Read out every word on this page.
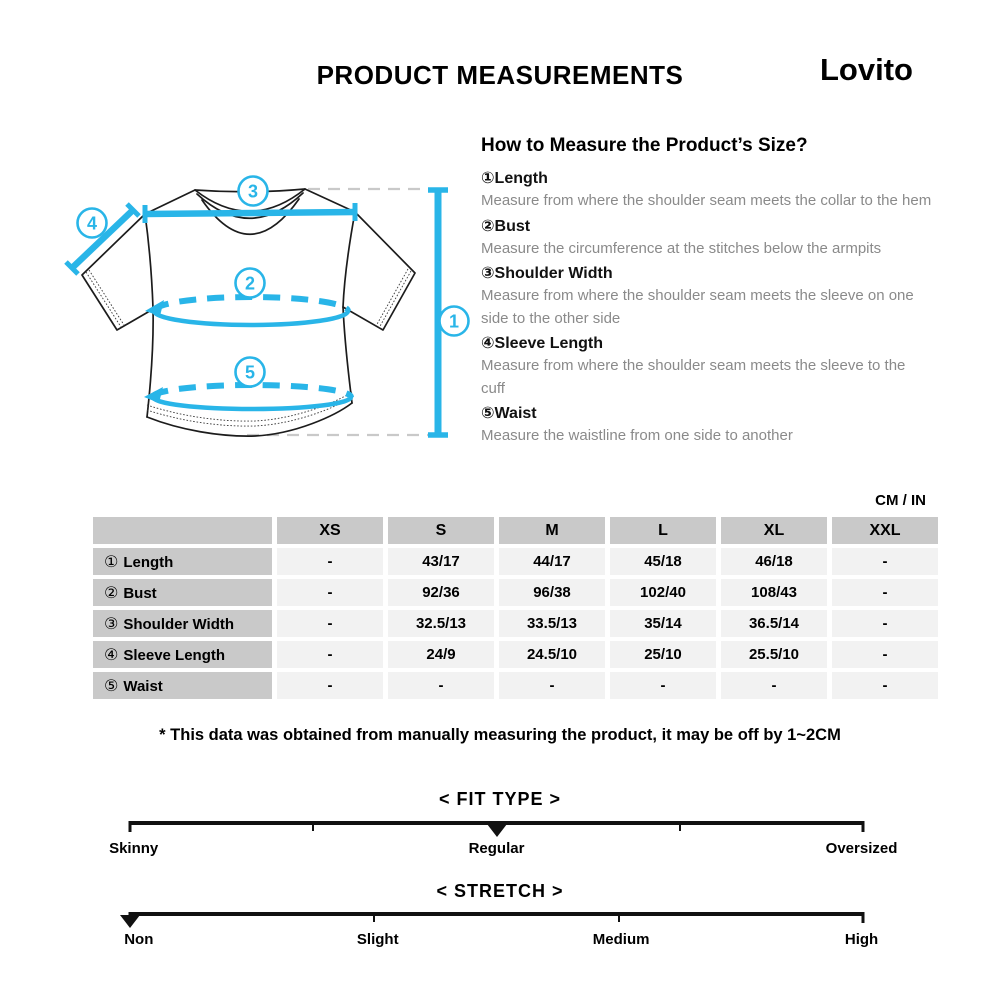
PRODUCT MEASUREMENTS	Lovito
3
4
2
5
1
How to Measure the Product’s Size?
①Length
Measure from where the shoulder seam meets the collar to the hem
②Bust
Measure the circumference at the stitches below the armpits
③Shoulder Width
Measure from where the shoulder seam meets the sleeve on one side to the other side
④Sleeve Length
Measure from where the shoulder seam meets the sleeve to the cuff
⑤Waist
Measure the waistline from one side to another
CM / IN
	XS	S	M	L	XL	XXL
① Length	-	43/17	44/17	45/18	46/18	-
② Bust	-	92/36	96/38	102/40	108/43	-
③ Shoulder Width	-	32.5/13	33.5/13	35/14	36.5/14	-
④ Sleeve Length	-	24/9	24.5/10	25/10	25.5/10	-
⑤ Waist	-	-	-	-	-	-
* This data was obtained from manually measuring the product, it may be off by 1~2CM
< FIT TYPE >
Skinny	Regular	Oversized
< STRETCH >
Non	Slight	Medium	High
